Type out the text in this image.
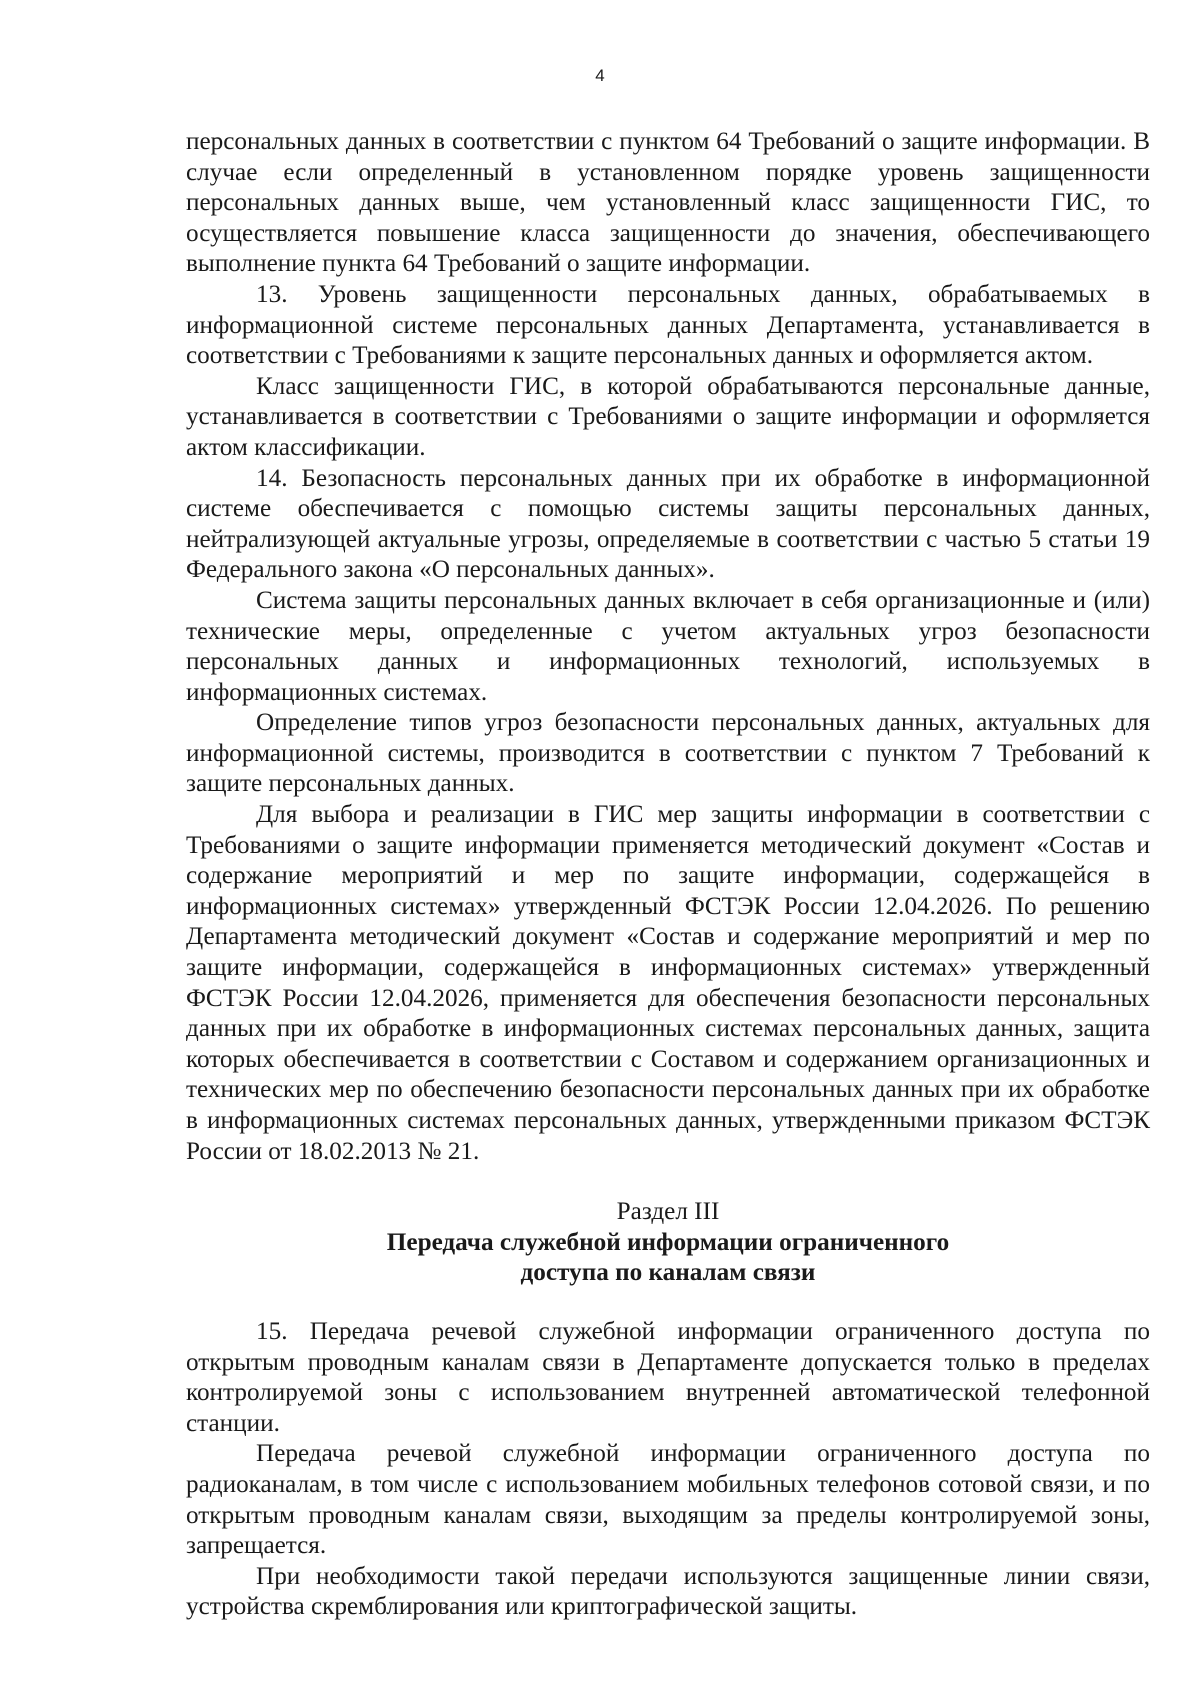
4

персональных данных в соответствии с пунктом 64 Требований о защите информации. В случае если определенный в установленном порядке уровень защищенности персональных данных выше, чем установленный класс защищенности ГИС, то осуществляется повышение класса защищенности до значения, обеспечивающего выполнение пункта 64 Требований о защите информации.

13. Уровень защищенности персональных данных, обрабатываемых в информационной системе персональных данных Департамента, устанавливается в соответствии с Требованиями к защите персональных данных и оформляется актом.

Класс защищенности ГИС, в которой обрабатываются персональные данные, устанавливается в соответствии с Требованиями о защите информации и оформляется актом классификации.

14. Безопасность персональных данных при их обработке в информационной системе обеспечивается с помощью системы защиты персональных данных, нейтрализующей актуальные угрозы, определяемые в соответствии с частью 5 статьи 19 Федерального закона «О персональных данных».

Система защиты персональных данных включает в себя организационные и (или) технические меры, определенные с учетом актуальных угроз безопасности персональных данных и информационных технологий, используемых в информационных системах.

Определение типов угроз безопасности персональных данных, актуальных для информационной системы, производится в соответствии с пунктом 7 Требований к защите персональных данных.

Для выбора и реализации в ГИС мер защиты информации в соответствии с Требованиями о защите информации применяется методический документ «Состав и содержание мероприятий и мер по защите информации, содержащейся в информационных системах» утвержденный ФСТЭК России 12.04.2026. По решению Департамента методический документ «Состав и содержание мероприятий и мер по защите информации, содержащейся в информационных системах» утвержденный ФСТЭК России 12.04.2026, применяется для обеспечения безопасности персональных данных при их обработке в информационных системах персональных данных, защита которых обеспечивается в соответствии с Составом и содержанием организационных и технических мер по обеспечению безопасности персональных данных при их обработке в информационных системах персональных данных, утвержденными приказом ФСТЭК России от 18.02.2013 № 21.

Раздел III

Передача служебной информации ограниченного
доступа по каналам связи

15. Передача речевой служебной информации ограниченного доступа по открытым проводным каналам связи в Департаменте допускается только в пределах контролируемой зоны с использованием внутренней автоматической телефонной станции.

Передача речевой служебной информации ограниченного доступа по радиоканалам, в том числе с использованием мобильных телефонов сотовой связи, и по открытым проводным каналам связи, выходящим за пределы контролируемой зоны, запрещается.

При необходимости такой передачи используются защищенные линии связи, устройства скремблирования или криптографической защиты.
